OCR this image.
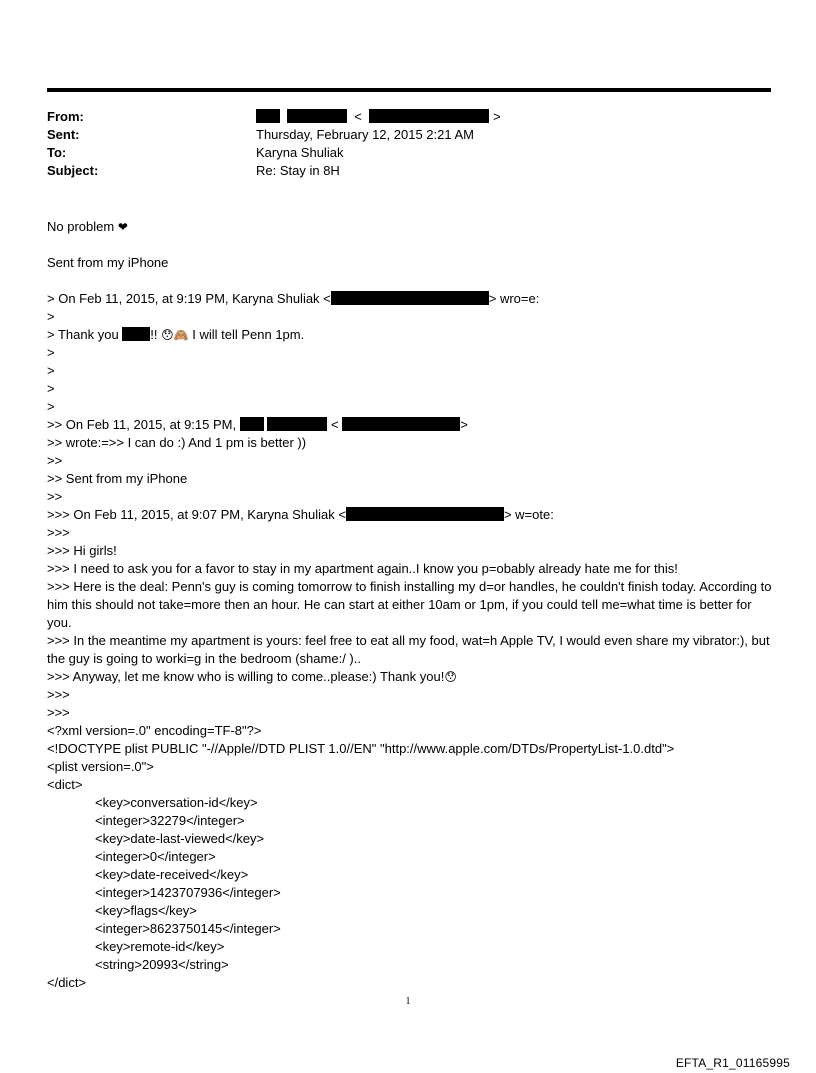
From:	<	>
Sent:	Thursday, February 12, 2015 2:21 AM
To:	Karyna Shuliak
Subject:	Re: Stay in 8H
No problem ❤
Sent from my iPhone
> On Feb 11, 2015, at 9:19 PM, Karyna Shuliak <	> wro=e:
>
> Thank you !! 😯🙈 I will tell Penn 1pm.
>
>
>
>
>> On Feb 11, 2015, at 9:15 PM,	<	>
>> wrote:=>> I can do :) And 1 pm is better ))
>>
>> Sent from my iPhone
>>
>>> On Feb 11, 2015, at 9:07 PM, Karyna Shuliak <	> w=ote:
>>>
>>> Hi girls!
>>> I need to ask you for a favor to stay in my apartment again..I know you p=obably already hate me for this!
>>> Here is the deal: Penn's guy is coming tomorrow to finish installing my d=or handles, he couldn't finish today. According to him this should not take=more then an hour. He can start at either 10am or 1pm, if you could tell me=what time is better for you.
>>> In the meantime my apartment is yours: feel free to eat all my food, wat=h Apple TV, I would even share my vibrator:), but the guy is going to worki=g in the bedroom (shame:/ )..
>>> Anyway, let me know who is willing to come..please:) Thank you!😯
>>>
>>>
<?xml version=.0" encoding=TF-8"?>
<!DOCTYPE plist PUBLIC "-//Apple//DTD PLIST 1.0//EN" "http://www.apple.com/DTDs/PropertyList-1.0.dtd">
<plist version=.0">
<dict>
<key>conversation-id</key>
<integer>32279</integer>
<key>date-last-viewed</key>
<integer>0</integer>
<key>date-received</key>
<integer>1423707936</integer>
<key>flags</key>
<integer>8623750145</integer>
<key>remote-id</key>
<string>20993</string>
</dict>
1
EFTA_R1_01165995
